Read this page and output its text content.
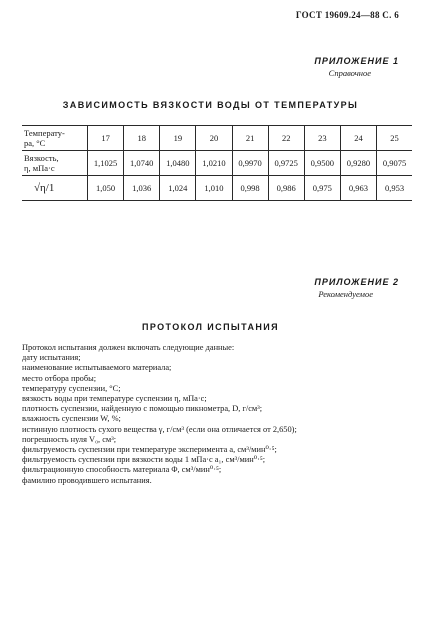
ГОСТ 19609.24—88 С. 6
ПРИЛОЖЕНИЕ 1
Справочное
ЗАВИСИМОСТЬ ВЯЗКОСТИ ВОДЫ ОТ ТЕМПЕРАТУРЫ
Температу-
ра, °С	17	18	19	20	21	22	23	24	25

Вязкость,
η, мПа·с	1,1025	1,0740	1,0480	1,0210	0,9970	0,9725	0,9500	0,9280	0,9075

√η/1	1,050	1,036	1,024	1,010	0,998	0,986	0,975	0,963	0,953
ПРИЛОЖЕНИЕ 2
Рекомендуемое
ПРОТОКОЛ ИСПЫТАНИЯ
Протокол испытания должен включать следующие данные:
дату испытания;
наименование испытываемого материала;
место отбора пробы;
температуру суспензии, °С;
вязкость воды при температуре суспензии η, мПа·с;
плотность суспензии, найденную с помощью пикнометра, D, г/см³;
влажность суспензии W, %;
истинную плотность сухого вещества γ, г/см³ (если она отличается от 2,650);
погрешность нуля V₀, см³;
фильтруемость суспензии при температуре эксперимента a, см³/мин⁰·⁵;
фильтруемость суспензии при вязкости воды 1 мПа·с a₁, см³/мин⁰·⁵;
фильтрационную способность материала Φ, см³/мин⁰·⁵;
фамилию проводившего испытания.
